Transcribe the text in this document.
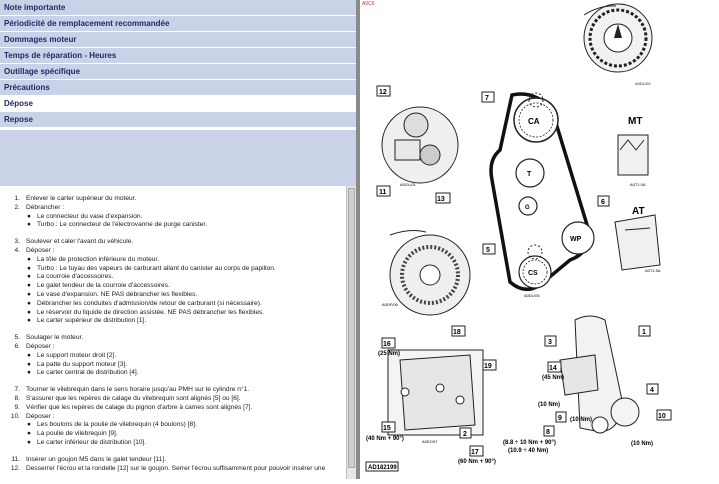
Note importante
Périodicité de remplacement recommandée
Dommages moteur
Temps de réparation - Heures
Outillage spécifique
Précautions
Dépose
Repose
1. Enlever le carter supérieur du moteur.
2. Débrancher :
● Le connecteur du vase d'expansion.
● Turbo : Le connecteur de l'électrovanne de purge canister.
3. Soulever et caler l'avant du véhicule.
4. Déposer :
● La tôle de protection inférieure du moteur.
● Turbo : Le tuyau des vapeurs de carburant allant du canister au corps de papillon.
● La courroie d'accessoires.
● Le galet tendeur de la courroie d'accessoires.
● Le vase d'expansion. NE PAS débrancher les flexibles.
● Débrancher les conduites d'admission/de retour de carburant (si nécessaire).
● Le réservoir du liquide de direction assistée. NE PAS débrancher les flexibles.
● Le carter supérieur de distribution [1].
5. Soulager le moteur.
6. Déposer :
● Le support moteur droit [2].
● La patte du support moteur [3].
● Le carter central de distribution [4].
7. Tourner le vilebrequin dans le sens horaire jusqu'au PMH sur le cylindre n°1.
8. S'assurer que les repères de calage du vilebrequin sont alignés [5] ou [6].
9. Vérifier que les repères de calage du pignon d'arbre à cames sont alignés [7].
10. Déposer :
● Les boulons de la poulie de vilebrequin (4 boulons) [8].
● La poulie de vilebrequin [9].
● Le carter inférieur de distribution [10].
11. Insérer un goujon M5 dans le galet tendeur [11].
12. Desserrer l'écrou et la rondelle [12] sur le goujon. Serrer l'écrou suffisamment pour pouvoir insérer une
A0C6
A0DL/00
12
11
13
A0GL/01
A0DF/06
CA
T
G
WP
CS
7
5
A0DL/05
MT
A0T1.0A
6
AT
A0T1.5A
18
19
16
(25 Nm)
15
(40 Nm + 90°)
2
17
(60 Nm + 90°)
A0E2/07
AD182199
1
3
14
(45 Nm)
(10 Nm)
4
9 (10 Nm)	10
(10 Nm)
8
(8.8 ÷ 10 Nm + 90°)
(10.9 ÷ 40 Nm)
